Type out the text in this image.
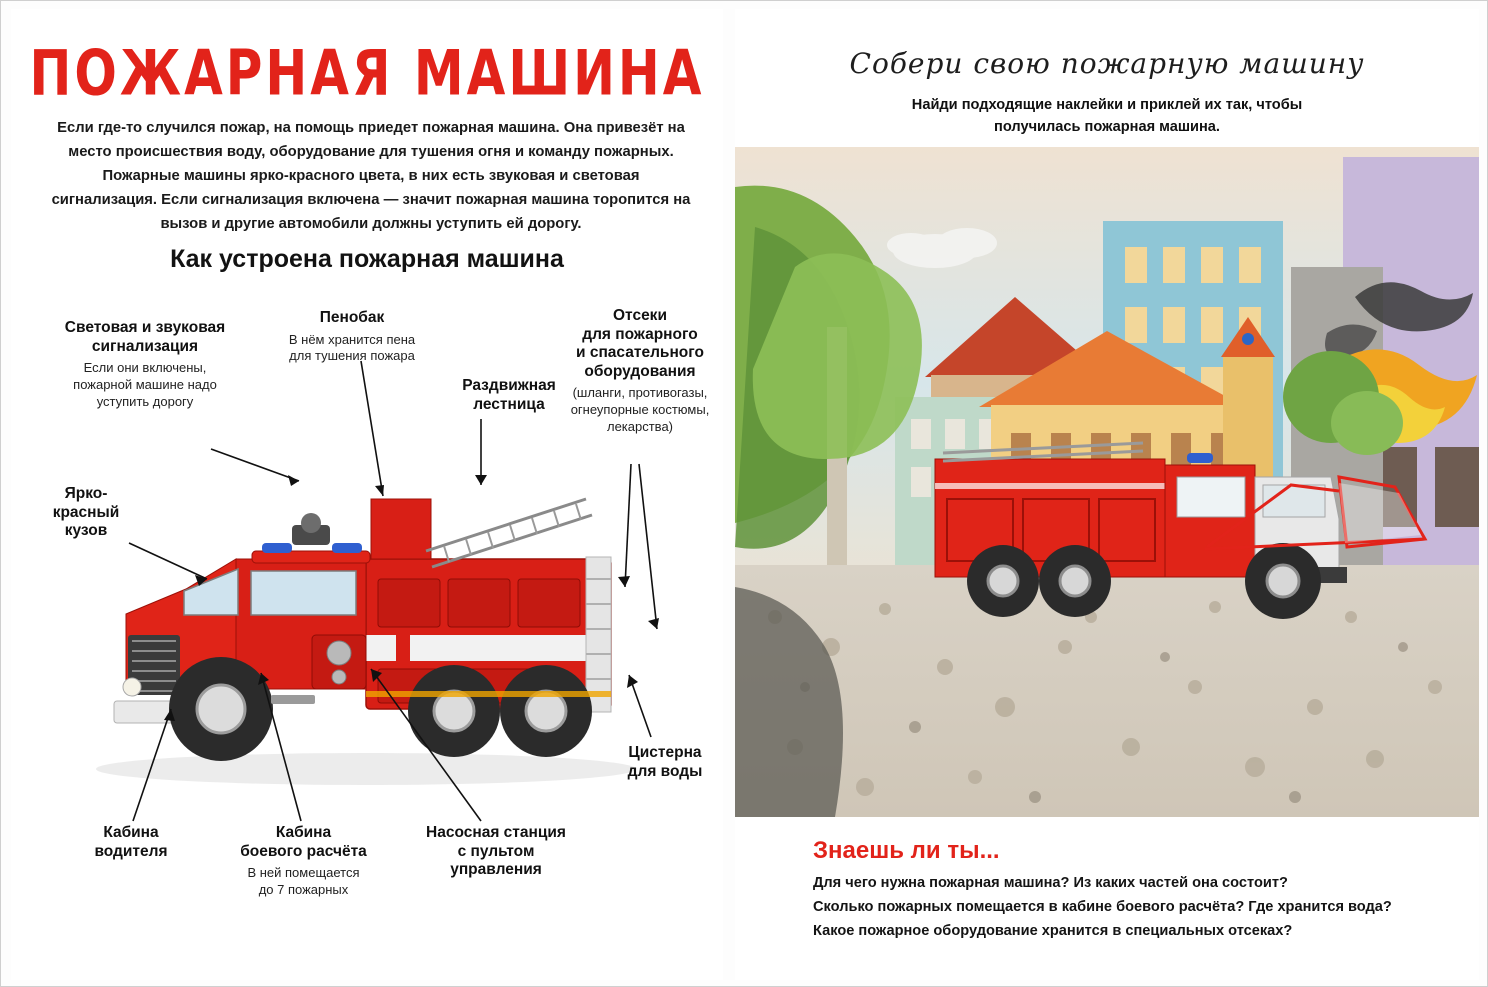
ПОЖАРНАЯ МАШИНА
Если где-то случился пожар, на помощь приедет пожарная машина. Она привезёт на место происшествия воду, оборудование для тушения огня и команду пожарных. Пожарные машины ярко-красного цвета, в них есть звуковая и световая сигнализация. Если сигнализация включена — значит пожарная машина торопится на вызов и другие автомобили должны уступить ей дорогу.
Как устроена пожарная машина
Световая и звуковая
сигнализация
Если они включены,
пожарной машине надо
уступить дорогу
Пенобак
В нём хранится пена
для тушения пожара
Раздвижная
лестница
Отсеки
для пожарного
и спасательного
оборудования
(шланги, противогазы,
огнеупорные костюмы,
лекарства)
Ярко-
красный
кузов
Кабина
водителя
Кабина
боевого расчёта
В ней помещается
до 7 пожарных
Насосная станция
с пультом
управления
Цистерна
для воды
Собери свою пожарную машину
Найди подходящие наклейки и приклей их так, чтобы
получилась пожарная машина.
Знаешь ли ты...
Для чего нужна пожарная машина? Из каких частей она состоит?
Сколько пожарных помещается в кабине боевого расчёта? Где хранится вода?
Какое пожарное оборудование хранится в специальных отсеках?
